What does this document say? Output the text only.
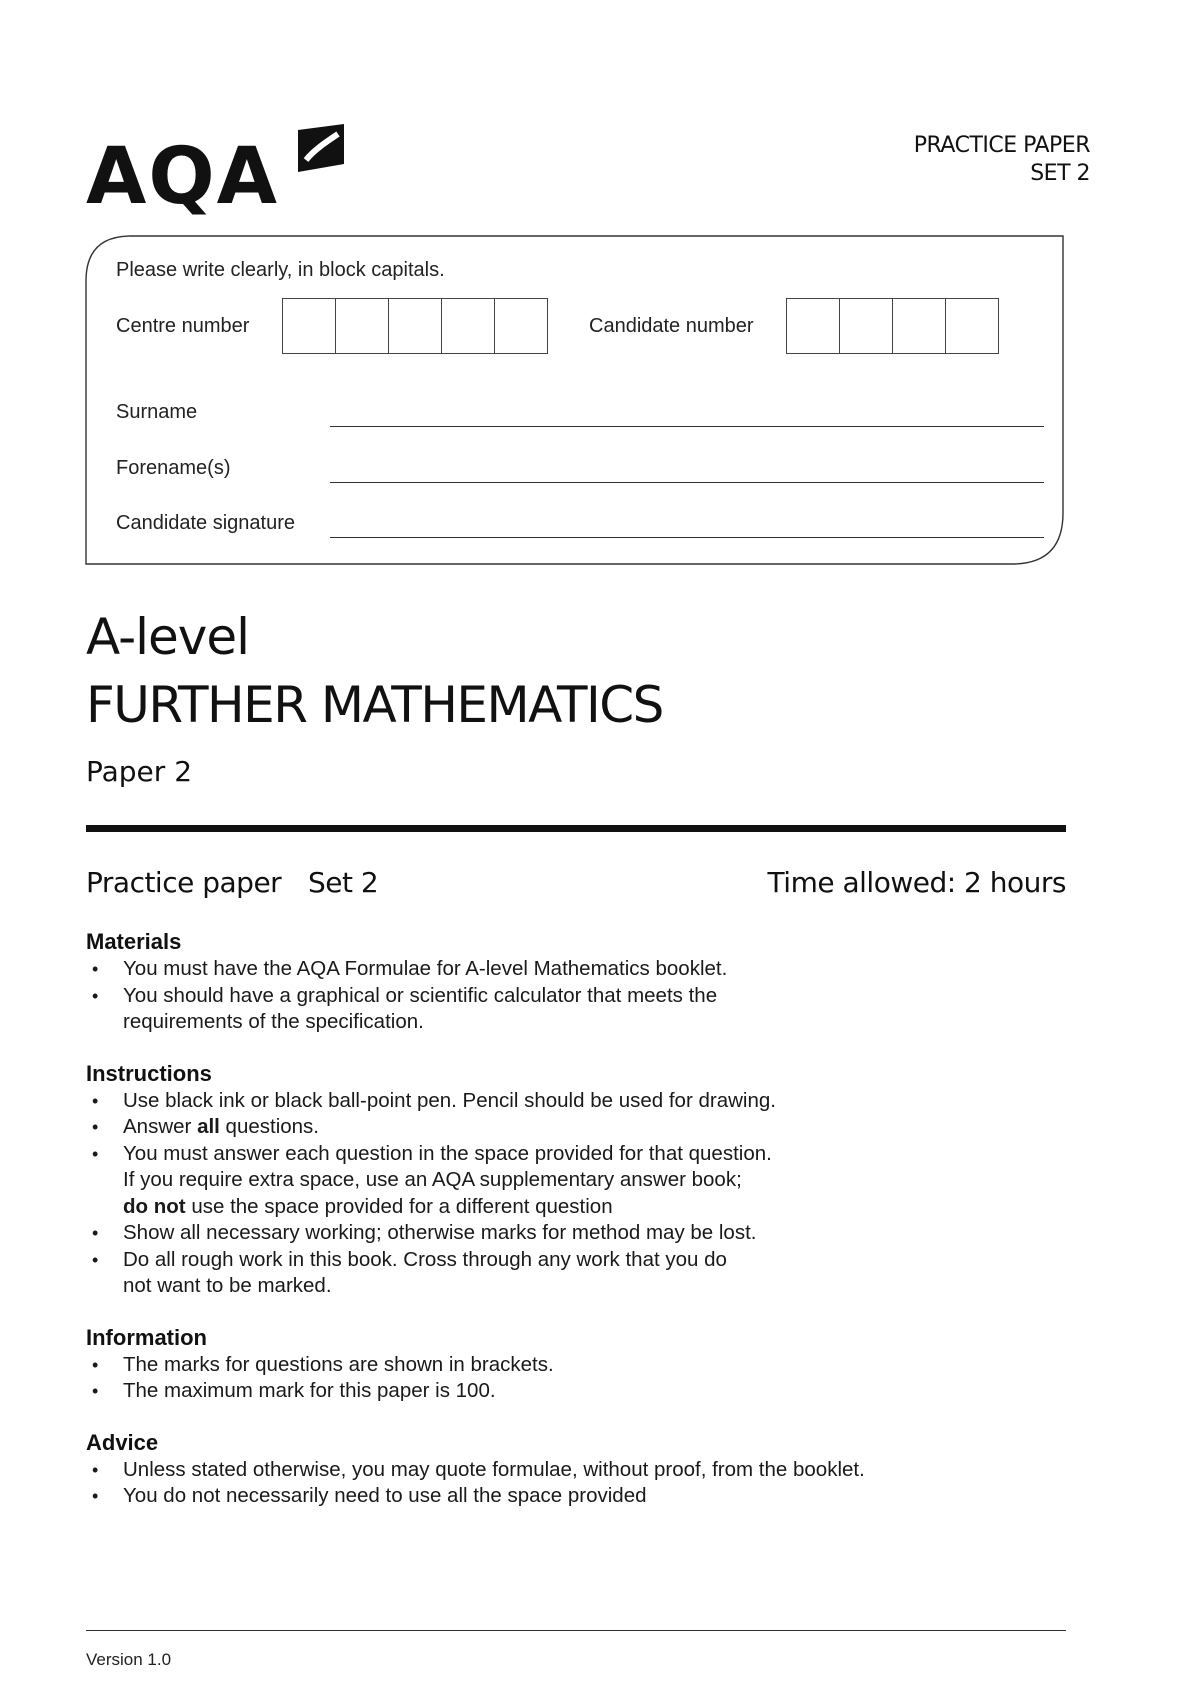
AQA	PRACTICE PAPER
SET 2
Please write clearly, in block capitals.
Centre number	Candidate number
Surname
Forename(s)
Candidate signature
A-level
FURTHER MATHEMATICS
Paper 2
Practice paper Set 2	Time allowed: 2 hours

Materials

• You must have the AQA Formulae for A-level Mathematics booklet.
• You should have a graphical or scientific calculator that meets the
requirements of the specification.

Instructions

• Use black ink or black ball-point pen. Pencil should be used for drawing.
• Answer all questions.
• You must answer each question in the space provided for that question.
If you require extra space, use an AQA supplementary answer book;
do not use the space provided for a different question
• Show all necessary working; otherwise marks for method may be lost.
• Do all rough work in this book. Cross through any work that you do
not want to be marked.

Information

• The marks for questions are shown in brackets.
• The maximum mark for this paper is 100.

Advice

• Unless stated otherwise, you may quote formulae, without proof, from the booklet.
• You do not necessarily need to use all the space provided
Version 1.0
